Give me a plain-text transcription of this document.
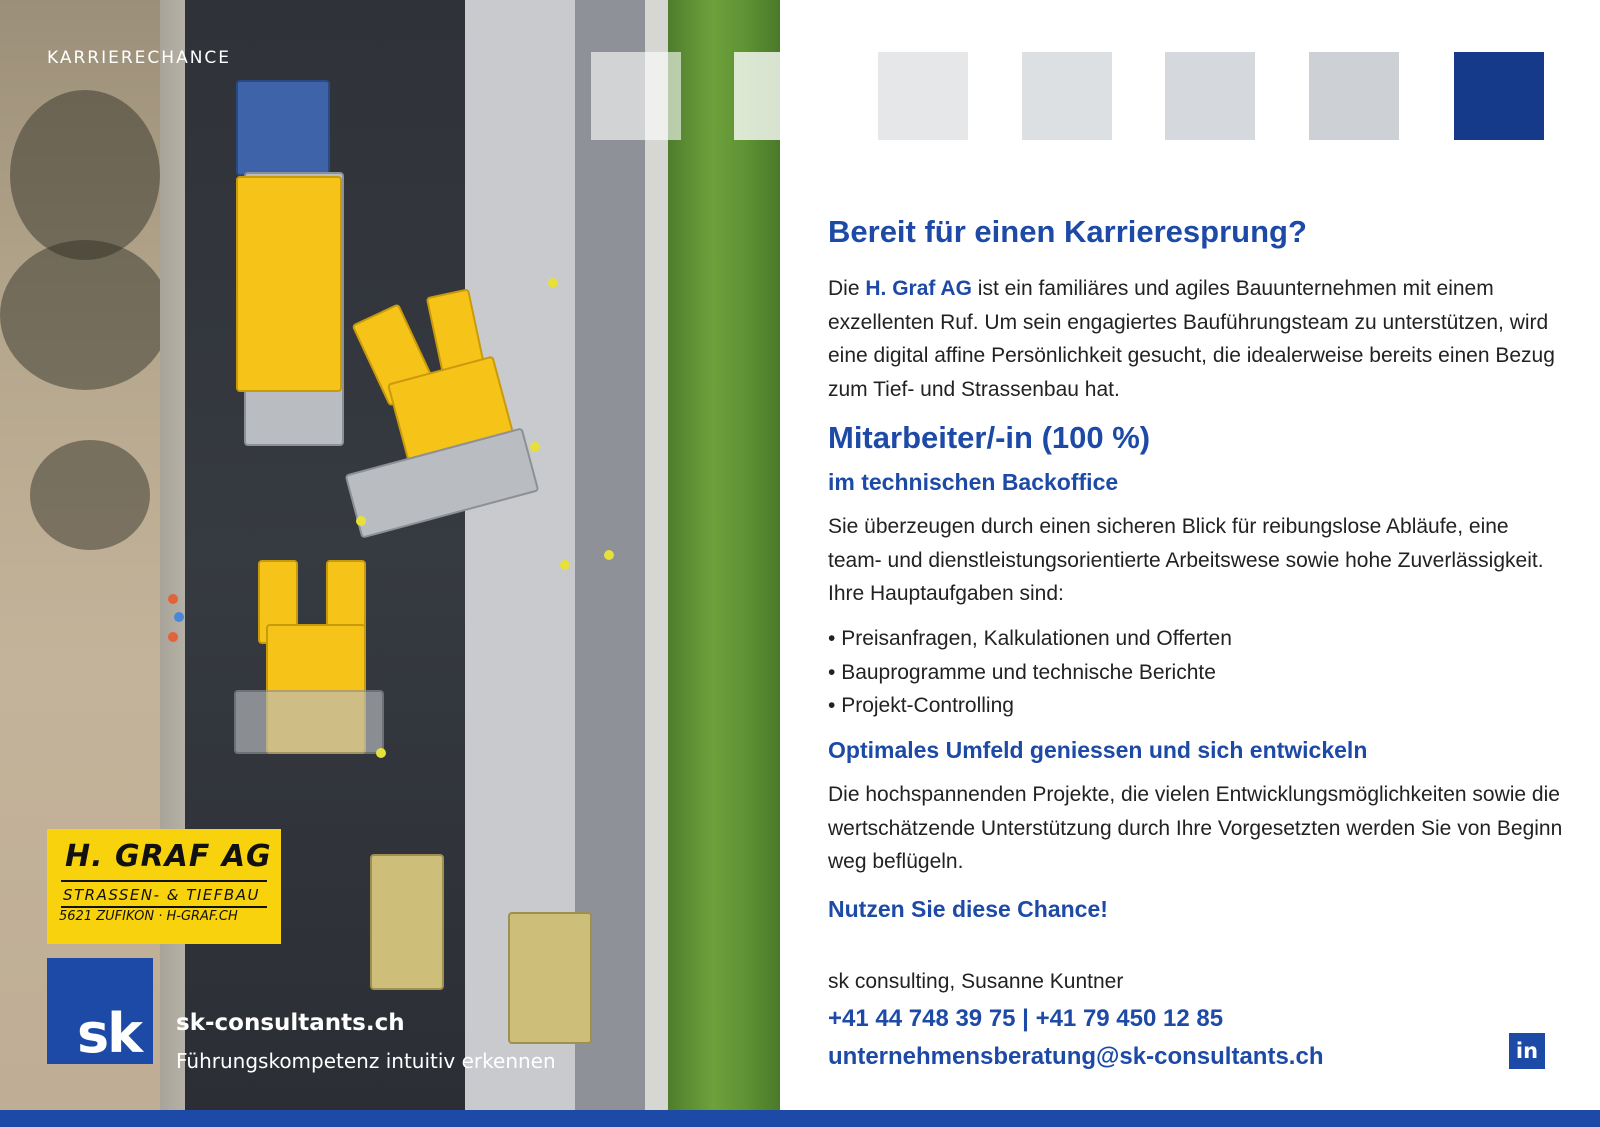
KARRIERECHANCE
H. GRAF AG
STRASSEN- & TIEFBAU
5621 ZUFIKON · H-GRAF.CH
sk sk-consultants.ch
Führungskompetenz intuitiv erkennen
Bereit für einen Karrieresprung?
Die H. Graf AG ist ein familiäres und agiles Bauunternehmen mit einem exzellenten Ruf. Um sein engagiertes Bauführungsteam zu unterstützen, wird eine digital affine Persönlichkeit gesucht, die idealerweise bereits einen Bezug zum Tief- und Strassenbau hat.
Mitarbeiter/-in (100 %)
im technischen Backoffice
Sie überzeugen durch einen sicheren Blick für reibungslose Abläufe, eine team- und dienstleistungsorientierte Arbeitswese sowie hohe Zuverlässigkeit. Ihre Hauptaufgaben sind:
• Preisanfragen, Kalkulationen und Offerten
• Bauprogramme und technische Berichte
• Projekt-Controlling
Optimales Umfeld geniessen und sich entwickeln
Die hochspannenden Projekte, die vielen Entwicklungsmöglichkeiten sowie die wertschätzende Unterstützung durch Ihre Vorgesetzten werden Sie von Beginn weg beflügeln.
Nutzen Sie diese Chance!
sk consulting, Susanne Kuntner
+41 44 748 39 75 | +41 79 450 12 85
unternehmensberatung@sk-consultants.ch	in
